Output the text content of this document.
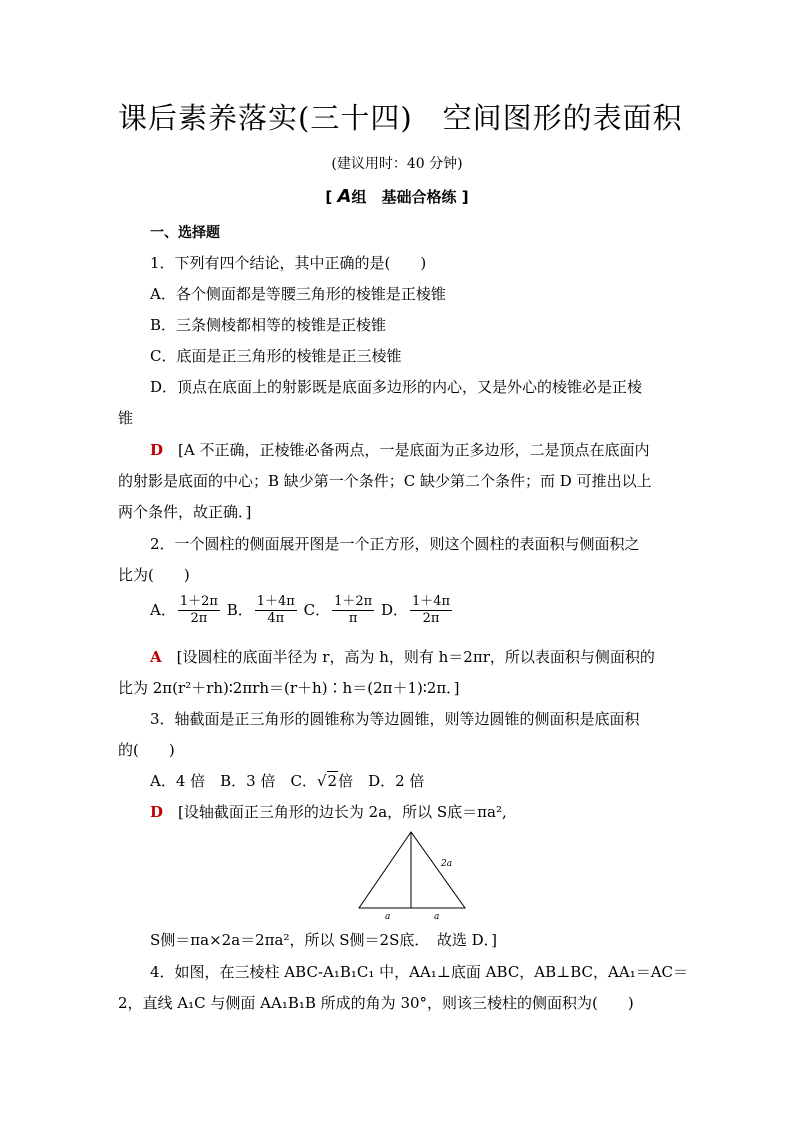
课后素养落实(三十四)　空间图形的表面积
(建议用时：40 分钟)
[ A组　基础合格练 ]
一、选择题
1．下列有四个结论，其中正确的是(　　)
A．各个侧面都是等腰三角形的棱锥是正棱锥
B．三条侧棱都相等的棱锥是正棱锥
C．底面是正三角形的棱锥是正三棱锥
D．顶点在底面上的射影既是底面多边形的内心，又是外心的棱锥必是正棱
锥
D　 [A 不正确，正棱锥必备两点，一是底面为正多边形，二是顶点在底面内
的射影是底面的中心；B 缺少第一个条件；C 缺少第二个条件；而 D 可推出以上
两个条件，故正确．]
2．一个圆柱的侧面展开图是一个正方形，则这个圆柱的表面积与侧面积之
比为(　　)
A． $\frac{1+2\pi}{2\pi}$ B． $\frac{1+4\pi}{4\pi}$ C． $\frac{1+2\pi}{\pi}$ D． $\frac{1+4\pi}{2\pi}$
A　 [设圆柱的底面半径为 r，高为 h，则有 h＝2πr，所以表面积与侧面积的
比为 2π(r²＋rh)∶2πrh＝(r＋h)∶h＝(2π＋1)∶2π．]
3．轴截面是正三角形的圆锥称为等边圆锥，则等边圆锥的侧面积是底面积
的(　　)
A．4 倍　B．3 倍　C．√2倍　D．2 倍
D　 [设轴截面正三角形的边长为 2a，所以 S底＝πa²,
2a
a	a
S侧＝πa×2a＝2πa²，所以 S侧＝2S底．　故选 D．]
4．如图，在三棱柱 ABC-A₁B₁C₁ 中，AA₁⊥底面 ABC，AB⊥BC，AA₁＝AC＝
2，直线 A₁C 与侧面 AA₁B₁B 所成的角为 30°，则该三棱柱的侧面积为(　　)
